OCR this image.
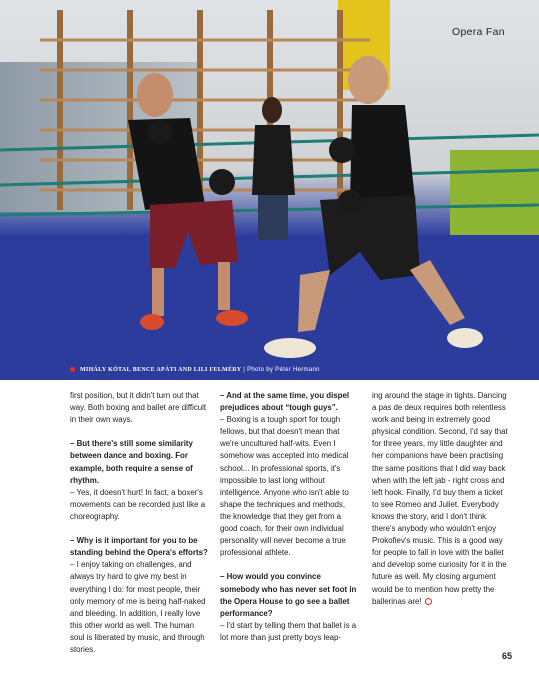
MIHÁLY KÓTAI, BENCE APÁTI AND LILI FELMÉRY | Photo by Péter Hermann
Opera Fan

first position, but it didn't turn out that way. Both boxing and ballet are difficult in their own ways.

– But there's still some similarity between dance and boxing. For example, both require a sense of rhythm.

– Yes, it doesn't hurt! In fact, a boxer's movements can be recorded just like a choreography.

– Why is it important for you to be standing behind the Opera's efforts?

– I enjoy taking on challenges, and always try hard to give my best in everything I do: for most people, their only memory of me is being half-naked and bleeding. In addition, I really love this other world as well. The human soul is liberated by music, and through stories.

– And at the same time, you dispel prejudices about “tough guys”.

– Boxing is a tough sport for tough fellows, but that doesn't mean that we're uncultured half-wits. Even I somehow was accepted into medical school... In professional sports, it's impossible to last long without intelligence. Anyone who isn't able to shape the techniques and methods, the knowledge that they get from a good coach, for their own individual personality will never become a true professional athlete.

– How would you convince somebody who has never set foot in the Opera House to go see a ballet performance?

– I'd start by telling them that ballet is a lot more than just pretty boys leap-

ing around the stage in tights. Dancing a pas de deux requires both relentless work and being in extremely good physical condition. Second, I'd say that for three years, my little daughter and her companions have been practising the same positions that I did way back when with the left jab - right cross and left hook. Finally, I'd buy them a ticket to see Romeo and Juliet. Everybody knows the story, and I don't think there's anybody who wouldn't enjoy Prokofiev's music. This is a good way for people to fall in love with the ballet and develop some curiosity for it in the future as well. My closing argument would be to mention how pretty the ballerinas are!

65
